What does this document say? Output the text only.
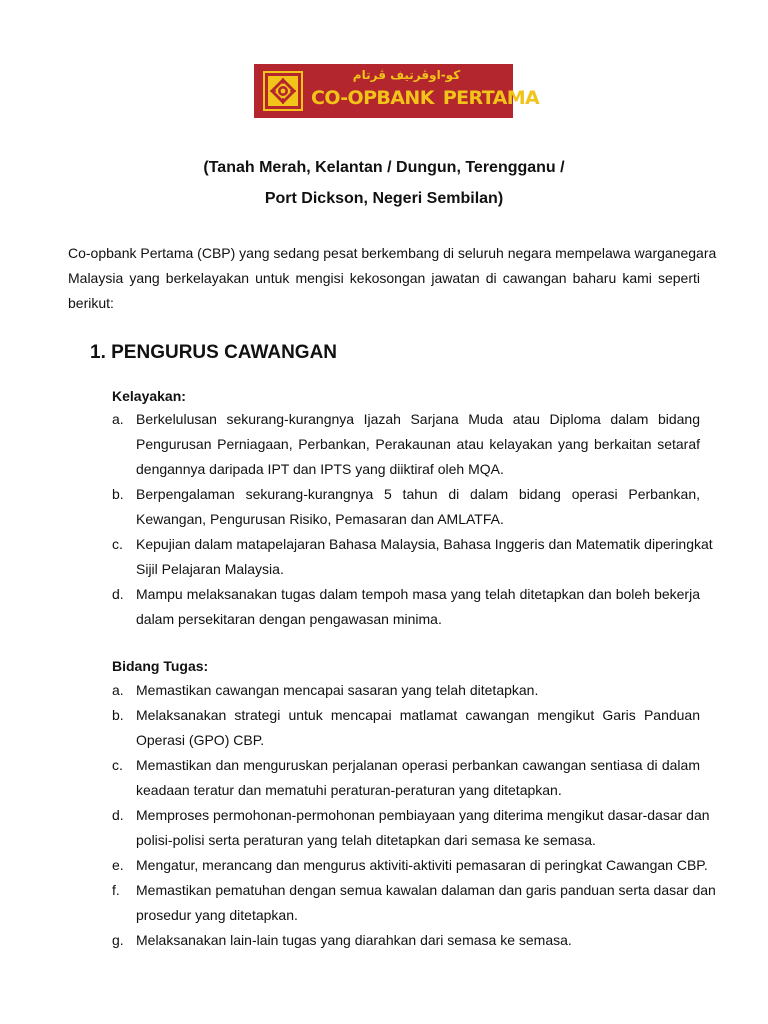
كو-اوڤرتيف ڤرتام
CO-OPBANK PERTAMA
(Tanah Merah, Kelantan / Dungun, Terengganu /
Port Dickson, Negeri Sembilan)
Co-opbank Pertama (CBP) yang sedang pesat berkembang di seluruh negara mempelawa warganegara
Malaysia yang berkelayakan untuk mengisi kekosongan jawatan di cawangan baharu kami seperti
berikut:
1. PENGURUS CAWANGAN
Kelayakan:
a. Berkelulusan sekurang-kurangnya Ijazah Sarjana Muda atau Diploma dalam bidang
Pengurusan Perniagaan, Perbankan, Perakaunan atau kelayakan yang berkaitan setaraf
dengannya daripada IPT dan IPTS yang diiktiraf oleh MQA.
b. Berpengalaman sekurang-kurangnya 5 tahun di dalam bidang operasi Perbankan,
Kewangan, Pengurusan Risiko, Pemasaran dan AMLATFA.
c. Kepujian dalam matapelajaran Bahasa Malaysia, Bahasa Inggeris dan Matematik diperingkat
Sijil Pelajaran Malaysia.
d. Mampu melaksanakan tugas dalam tempoh masa yang telah ditetapkan dan boleh bekerja
dalam persekitaran dengan pengawasan minima.
Bidang Tugas:
a. Memastikan cawangan mencapai sasaran yang telah ditetapkan.
b. Melaksanakan strategi untuk mencapai matlamat cawangan mengikut Garis Panduan
Operasi (GPO) CBP.
c. Memastikan dan menguruskan perjalanan operasi perbankan cawangan sentiasa di dalam
keadaan teratur dan mematuhi peraturan-peraturan yang ditetapkan.
d. Memproses permohonan-permohonan pembiayaan yang diterima mengikut dasar-dasar dan
polisi-polisi serta peraturan yang telah ditetapkan dari semasa ke semasa.
e. Mengatur, merancang dan mengurus aktiviti-aktiviti pemasaran di peringkat Cawangan CBP.
f. Memastikan pematuhan dengan semua kawalan dalaman dan garis panduan serta dasar dan
prosedur yang ditetapkan.
g. Melaksanakan lain-lain tugas yang diarahkan dari semasa ke semasa.
